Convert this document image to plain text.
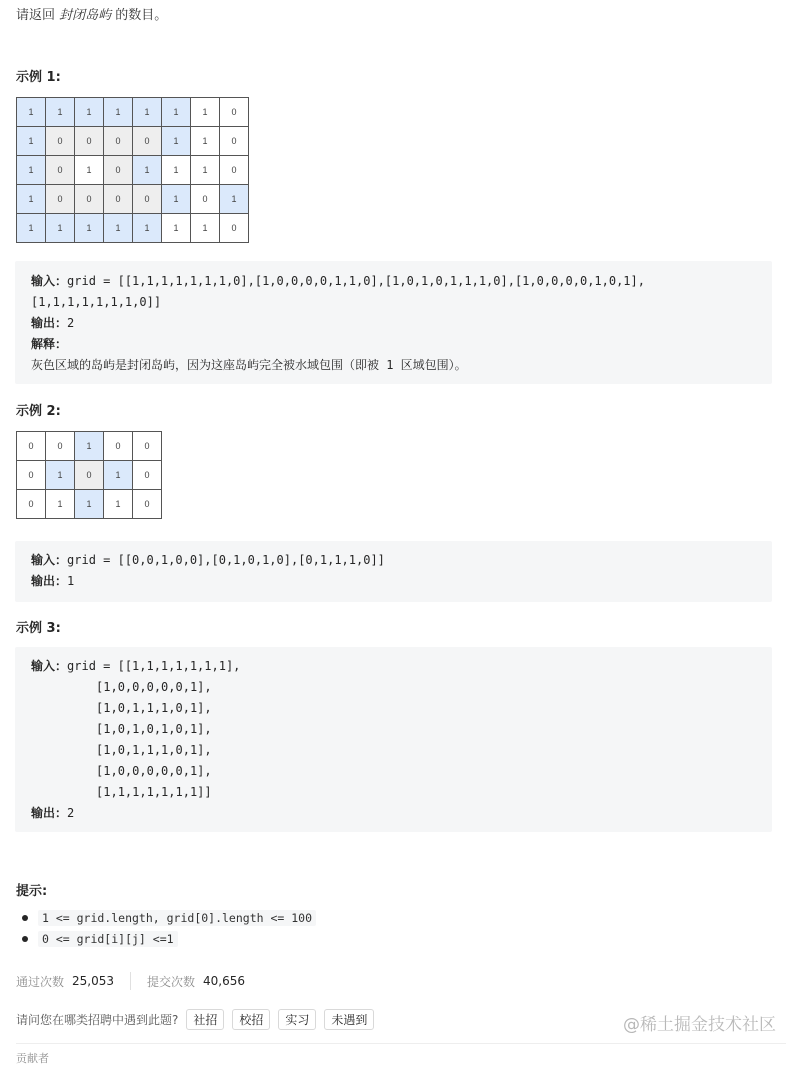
请返回 封闭岛屿 的数目。
示例 1:
1	1	1	1	1	1	1	0
1	0	0	0	0	1	1	0
1	0	1	0	1	1	1	0
1	0	0	0	0	1	0	1
1	1	1	1	1	1	1	0
输入：grid = [[1,1,1,1,1,1,1,0],[1,0,0,0,0,1,1,0],[1,0,1,0,1,1,1,0],[1,0,0,0,0,1,0,1],
[1,1,1,1,1,1,1,0]]
输出：2
解释：
灰色区域的岛屿是封闭岛屿，因为这座岛屿完全被水域包围（即被 1 区域包围）。
示例 2:
0	0	1	0	0
0	1	0	1	0
0	1	1	1	0
输入：grid = [[0,0,1,0,0],[0,1,0,1,0],[0,1,1,1,0]]
输出：1
示例 3:
输入：grid = [[1,1,1,1,1,1,1],
[1,0,0,0,0,0,1],
[1,0,1,1,1,0,1],
[1,0,1,0,1,0,1],
[1,0,1,1,1,0,1],
[1,0,0,0,0,0,1],
[1,1,1,1,1,1,1]]
输出：2
提示:
1 <= grid.length, grid[0].length <= 100
0 <= grid[i][j] <=1
通过次数 25,053	提交次数 40,656
请问您在哪类招聘中遇到此题?	社招	校招	实习	未遇到	@稀土掘金技术社区
贡献者
